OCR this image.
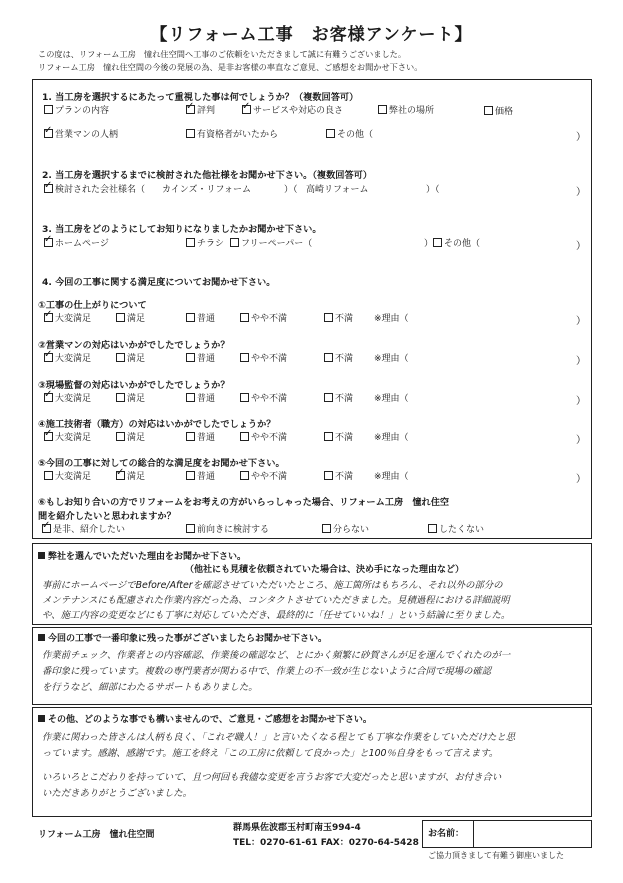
【リフォーム工事　お客様アンケート】
この度は、リフォーム工房　憧れ住空間へ工事のご依頼をいただきまして誠に有難うございました。
リフォーム工房　憧れ住空間の今後の発展の為、是非お客様の率直なご意見、ご感想をお聞かせ下さい。
1. 当工房を選択するにあたって重視した事は何でしょうか？（複数回答可）
プランの内容 ✓	評判 ✓	サービスや対応の良さ	弊社の場所	価格
✓営業マンの人柄	有資格者がいたから	その他（	）
2. 当工房を選択するまでに検討された他社様をお聞かせ下さい。（複数回答可）
✓検討された会社様名（ カインズ・リフォーム	）（ 高崎リフォーム	）（	）
3. 当工房をどのようにしてお知りになりましたかお聞かせ下さい。
✓ホームページ	チラシ	フリーペーパー（	） その他（	）
4. 今回の工事に関する満足度についてお聞かせ下さい。
①工事の仕上がりについて
✓大変満足	満足	普通	やや不満	不満 ※理由（	）
②営業マンの対応はいかがでしたでしょうか？
✓大変満足	満足	普通	やや不満	不満 ※理由（	）
③現場監督の対応はいかがでしたでしょうか？
✓大変満足	満足	普通	やや不満	不満 ※理由（	）
④施工技術者（職方）の対応はいかがでしたでしょうか？
✓大変満足	満足	普通	やや不満	不満 ※理由（	）
⑤今回の工事に対しての総合的な満足度をお聞かせ下さい。
大変満足 ✓	満足	普通	やや不満	不満 ※理由（	）
⑥もしお知り合いの方でリフォームをお考えの方がいらっしゃった場合、リフォーム工房　憧れ住空
間を紹介したいと思われますか？
✓是非、紹介したい	前向きに検討する	分らない	したくない
弊社を選んでいただいた理由をお聞かせ下さい。
（他社にも見積を依頼されていた場合は、決め手になった理由など）
事前にホームページでBefore/Afterを確認させていただいたところ、施工箇所はもちろん、それ以外の部分の
メンテナンスにも配慮された作業内容だった為、コンタクトさせていただきました。見積過程における詳細説明
や、施工内容の変更などにも丁寧に対応していただき、最終的に「任せていいね！」という結論に至りました。
今回の工事で一番印象に残った事がございましたらお聞かせ下さい。
作業前チェック、作業者との内容確認、作業後の確認など、とにかく頻繁に砂賀さんが足を運んでくれたのが一
番印象に残っています。複数の専門業者が関わる中で、作業上の不一致が生じないように合同で現場の確認
を行うなど、細部にわたるサポートもありました。
その他、どのような事でも構いませんので、ご意見・ご感想をお聞かせ下さい。
作業に関わった皆さんは人柄も良く、「これぞ職人！」と言いたくなる程とても丁寧な作業をしていただけたと思
っています。感謝、感謝です。施工を終え「この工房に依頼して良かった」と100％自身をもって言えます。
いろいろとこだわりを持っていて、且つ何回も我儘な変更を言うお客で大変だったと思いますが、お付き合い
いただきありがとうございました。
リフォーム工房　憧れ住空間
群馬県佐波郡玉村町南玉994-4
TEL：0270-61-61 FAX：0270-64-5428
お名前：
ご協力頂きまして有難う御座いました
